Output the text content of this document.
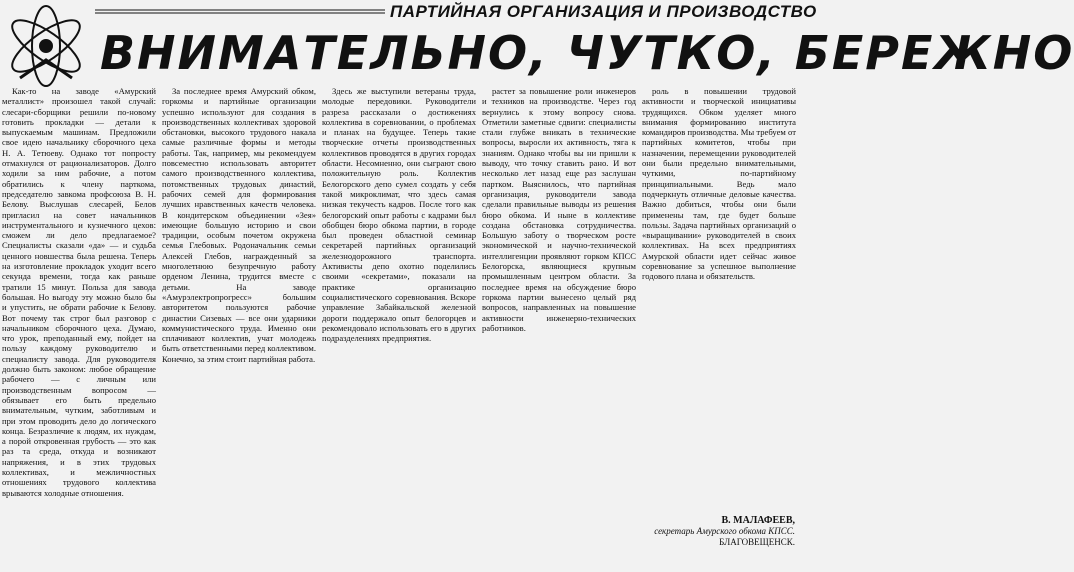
ПАРТИЙНАЯ ОРГАНИЗАЦИЯ И ПРОИЗВОДСТВО
ВНИМАТЕЛЬНО, ЧУТКО, БЕРЕЖНО

Как-то на заводе «Амурский металлист» произошел такой случай: слесари-сборщики решили по-новому готовить прокладки — детали к выпускаемым машинам. Предложили свое идею начальнику сборочного цеха Н. А. Тетюеву. Однако тот попросту отмахнулся от рационализаторов. Долго ходили за ним рабочие, а потом обратились к члену парткома, председателю завкома профсоюза В. Н. Белову. Выслушав слесарей, Белов пригласил на совет начальников инструментального и кузнечного цехов: сможем ли дело предлагаемое? Специалисты сказали «да» — и судьба ценного новшества была решена. Теперь на изготовление прокладок уходит всего секунда времени, тогда как раньше тратили 15 минут. Польза для завода большая. Но выгоду эту можно было бы и упустить, не обрати рабочие к Белову. Вот почему так строг был разговор с начальником сборочного цеха. Думаю, что урок, преподанный ему, пойдет на пользу каждому руководителю и специалисту завода. Для руководителя должно быть законом: любое обращение рабочего — с личным или производственным вопросом — обязывает его быть предельно внимательным, чутким, заботливым и при этом проводить дело до логического конца. Безразличие к людям, их нуждам, а порой откровенная грубость — это как раз та среда, откуда и возникают напряжения, и в этих трудовых коллективах, и межличностных отношениях трудового коллектива врываются холодные отношения.

За последнее время Амурский обком, горкомы и партийные организации успешно используют для создания в производственных коллективах здоровой обстановки, высокого трудового накала самые различные формы и методы работы. Так, например, мы рекомендуем повсеместно использовать авторитет самого производственного коллектива, потомственных трудовых династий, рабочих семей для формирования лучших нравственных качеств человека. В кондитерском объединении «Зея» имеющие большую историю и свои традиции, особым почетом окружена семья Глебовых. Родоначальник семьи Алексей Глебов, награжденный за многолетнюю безупречную работу орденом Ленина, трудится вместе с детьми. На заводе «Амурэлектропрогресс» большим авторитетом пользуются рабочие династии Сизевых — все они ударники коммунистического труда. Именно они сплачивают коллектив, учат молодежь быть ответственными перед коллективом. Конечно, за этим стоит партийная работа.

Здесь же выступили ветераны труда, молодые передовики. Руководители разреза рассказали о достижениях коллектива в соревновании, о проблемах и планах на будущее. Теперь такие творческие отчеты производственных коллективов проводятся в других городах области. Несомненно, они сыграют свою положительную роль. Коллектив Белогорского депо сумел создать у себя такой микроклимат, что здесь самая низкая текучесть кадров. После того как белогорский опыт работы с кадрами был обобщен бюро обкома партии, в городе был проведен областной семинар секретарей партийных организаций железнодорожного транспорта. Активисты депо охотно поделились своими «секретами», показали на практике организацию социалистического соревнования. Вскоре управление Забайкальской железной дороги поддержало опыт белогорцев и рекомендовало использовать его в других подразделениях предприятия.

растет за повышение роли инженеров и техников на производстве. Через год вернулись к этому вопросу снова. Отметили заметные сдвиги: специалисты стали глубже вникать в технические вопросы, выросли их активность, тяга к знаниям. Однако чтобы вы ни пришли к выводу, что точку ставить рано. И вот несколько лет назад еще раз заслушан партком. Выяснилось, что партийная организация, руководители завода сделали правильные выводы из решения бюро обкома. И ныне в коллективе создана обстановка сотрудничества. Большую заботу о творческом росте экономической и научно-технической интеллигенции проявляют горком КПСС Белогорска, являющиеся крупным промышленным центром области. За последнее время на обсуждение бюро горкома партии вынесено целый ряд вопросов, направленных на повышение активности инженерно-технических работников.

роль в повышении трудовой активности и творческой инициативы трудящихся. Обком уделяет много внимания формированию института командиров производства. Мы требуем от партийных комитетов, чтобы при назначении, перемещении руководителей они были предельно внимательными, чуткими, по-партийному принципиальными. Ведь мало подчеркнуть отличные деловые качества. Важно добиться, чтобы они были применены там, где будет больше пользы. Задача партийных организаций о «выращивании» руководителей в своих коллективах. На всех предприятиях Амурской области идет сейчас живое соревнование за успешное выполнение годового плана и обязательств.

В. МАЛАФЕЕВ,
секретарь Амурского обкома КПСС.
БЛАГОВЕЩЕНСК.
